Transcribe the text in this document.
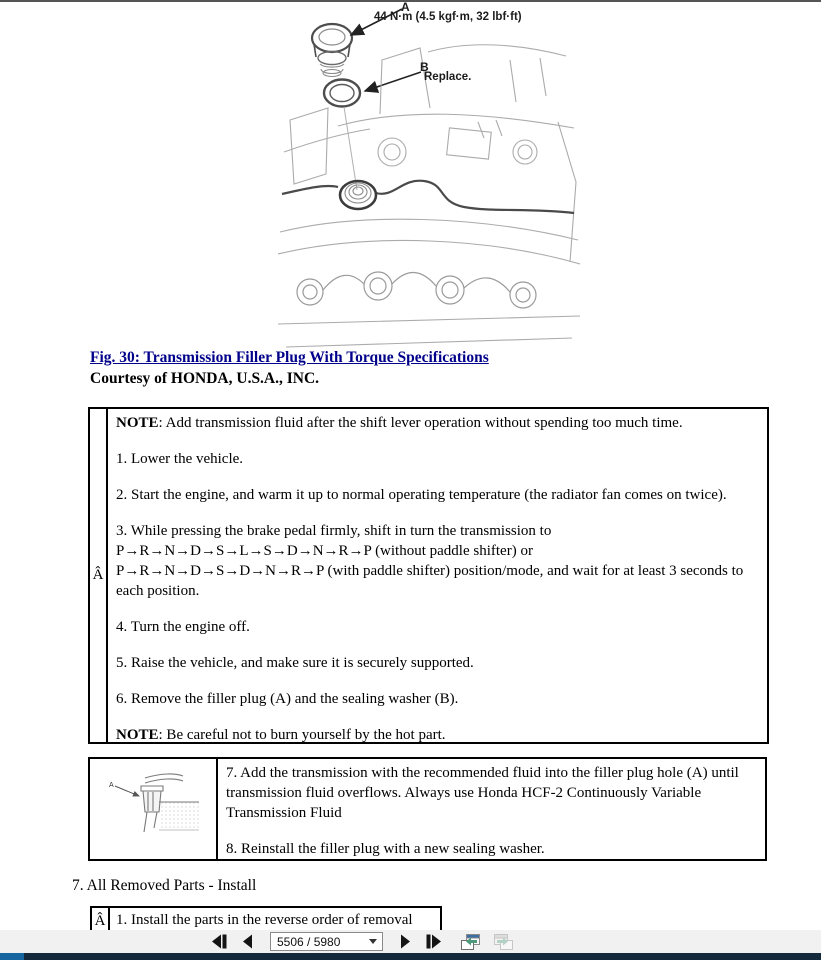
A
44 N·m (4.5 kgf·m, 32 lbf·ft)
B
Replace.
Fig. 30: Transmission Filler Plug With Torque Specifications
Courtesy of HONDA, U.S.A., INC.
Â

NOTE: Add transmission fluid after the shift lever operation without spending too much time.

1. Lower the vehicle.

2. Start the engine, and warm it up to normal operating temperature (the radiator fan comes on twice).

3. While pressing the brake pedal firmly, shift in turn the transmission to

P→R→N→D→S→L→S→D→N→R→P (without paddle shifter) or

P→R→N→D→S→D→N→R→P (with paddle shifter) position/mode, and wait for at least 3 seconds to each position.

4. Turn the engine off.

5. Raise the vehicle, and make sure it is securely supported.

6. Remove the filler plug (A) and the sealing washer (B).

NOTE: Be careful not to burn yourself by the hot part.

A

7. Add the transmission with the recommended fluid into the filler plug hole (A) until transmission fluid overflows. Always use Honda HCF-2 Continuously Variable Transmission Fluid

8. Reinstall the filler plug with a new sealing washer.

7. All Removed Parts - Install
Â 1. Install the parts in the reverse order of removal

5506 / 5980
